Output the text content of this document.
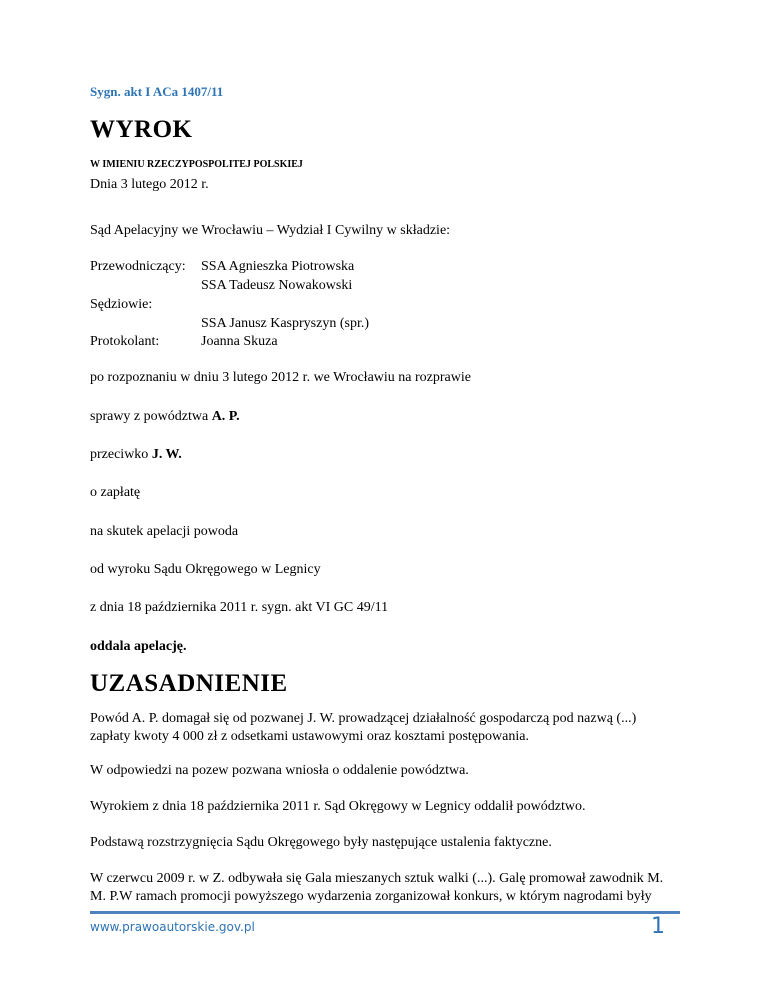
Sygn. akt I ACa 1407/11
WYROK
W IMIENIU RZECZYPOSPOLITEJ POLSKIEJ
Dnia 3 lutego 2012 r.
Sąd Apelacyjny we Wrocławiu – Wydział I Cywilny w składzie:
Przewodniczący: SSA Agnieszka Piotrowska
SSA Tadeusz Nowakowski
Sędziowie:
SSA Janusz Kaspryszyn (spr.)
Protokolant:	Joanna Skuza
po rozpoznaniu w dniu 3 lutego 2012 r. we Wrocławiu na rozprawie
sprawy z powództwa A. P.
przeciwko J. W.
o zapłatę
na skutek apelacji powoda
od wyroku Sądu Okręgowego w Legnicy
z dnia 18 października 2011 r. sygn. akt VI GC 49/11
oddala apelację.
UZASADNIENIE
www.prawoautorskie.gov.pl	1
Powód A. P. domagał się od pozwanej J. W. prowadzącej działalność gospodarczą pod nazwą (...) zapłaty kwoty 4 000 zł z odsetkami ustawowymi oraz kosztami postępowania.
W odpowiedzi na pozew pozwana wniosła o oddalenie powództwa.
Wyrokiem z dnia 18 października 2011 r. Sąd Okręgowy w Legnicy oddalił powództwo.
Podstawą rozstrzygnięcia Sądu Okręgowego były następujące ustalenia faktyczne.
W czerwcu 2009 r. w Z. odbywała się Gala mieszanych sztuk walki (...). Galę promował zawodnik M. M. P.W ramach promocji powyższego wydarzenia zorganizował konkurs, w którym nagrodami były
